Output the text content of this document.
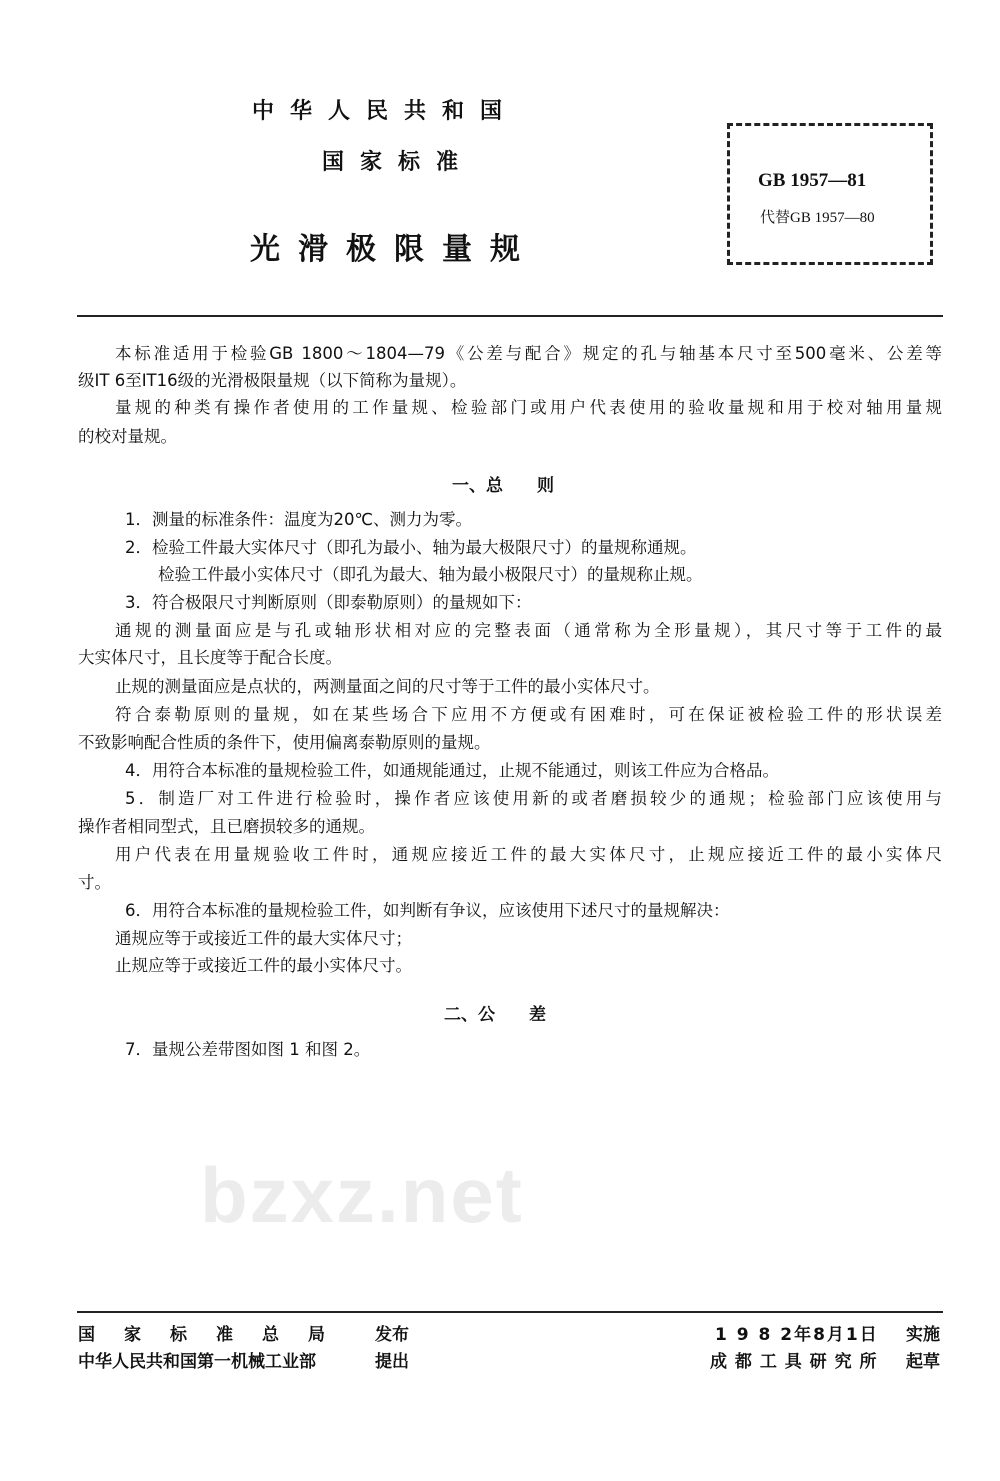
bzxz.net
中华人民共和国
国家标准
光滑极限量规
GB 1957—81
代替GB 1957—80
本标准适用于检验GB 1800～1804—79《公差与配合》规定的孔与轴基本尺寸至500毫米、公差等
级IT 6至IT16级的光滑极限量规（以下简称为量规）。
量规的种类有操作者使用的工作量规、检验部门或用户代表使用的验收量规和用于校对轴用量规
的校对量规。
一、总　　则
1．测量的标准条件：温度为20℃、测力为零。
2．检验工件最大实体尺寸（即孔为最小、轴为最大极限尺寸）的量规称通规。
检验工件最小实体尺寸（即孔为最大、轴为最小极限尺寸）的量规称止规。
3．符合极限尺寸判断原则（即泰勒原则）的量规如下：
通规的测量面应是与孔或轴形状相对应的完整表面（通常称为全形量规），其尺寸等于工件的最
大实体尺寸，且长度等于配合长度。
止规的测量面应是点状的，两测量面之间的尺寸等于工件的最小实体尺寸。
符合泰勒原则的量规，如在某些场合下应用不方便或有困难时，可在保证被检验工件的形状误差
不致影响配合性质的条件下，使用偏离泰勒原则的量规。
4．用符合本标准的量规检验工件，如通规能通过，止规不能通过，则该工件应为合格品。
5．制造厂对工件进行检验时，操作者应该使用新的或者磨损较少的通规；检验部门应该使用与
操作者相同型式，且已磨损较多的通规。
用户代表在用量规验收工件时，通规应接近工件的最大实体尺寸，止规应接近工件的最小实体尺
寸。
6．用符合本标准的量规检验工件，如判断有争议，应该使用下述尺寸的量规解决：
通规应等于或接近工件的最大实体尺寸；
止规应等于或接近工件的最小实体尺寸。
二、公　　差
7．量规公差带图如图 1 和图 2。
国　家　标　准　总　局	发布
中华人民共和国第一机械工业部	提出
1 9 8 2年8月1日 实施
成 都 工 具 研 究 所 起草
